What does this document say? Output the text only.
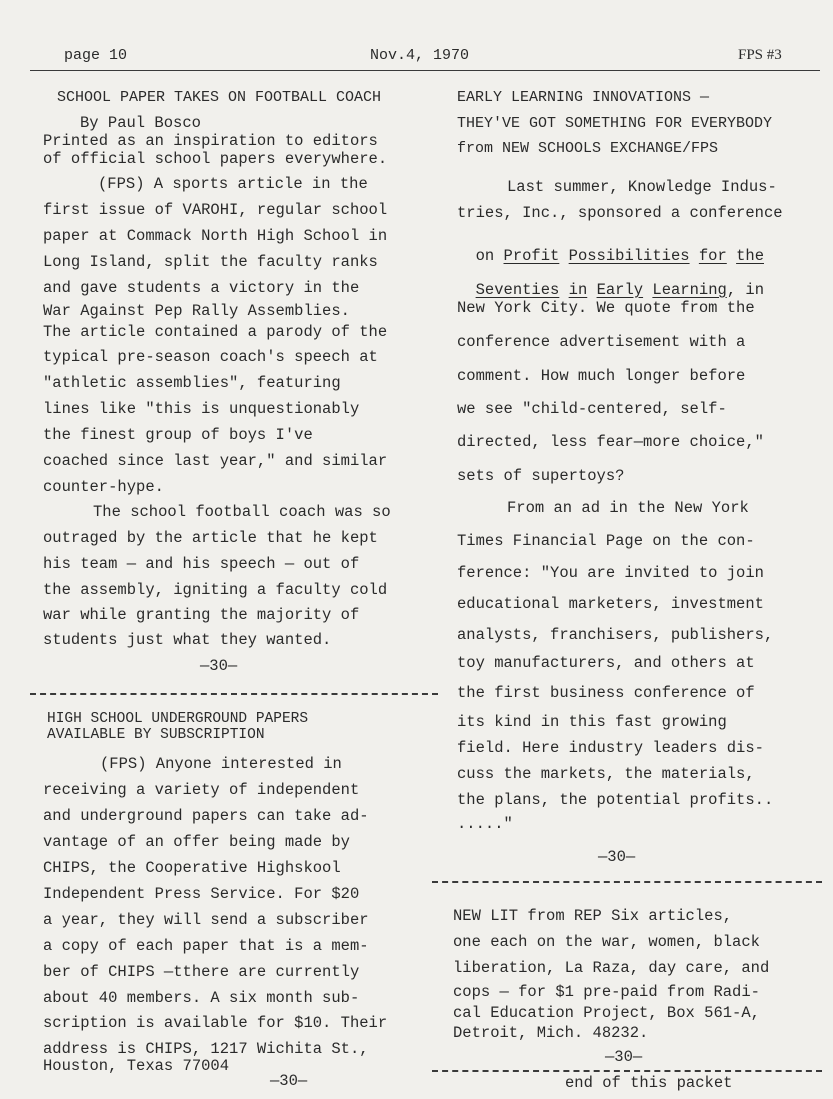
page 10	Nov.4, 1970	FPS #3
SCHOOL PAPER TAKES ON FOOTBALL COACH
By Paul Bosco
Printed as an inspiration to editors
of official school papers everywhere.
(FPS) A sports article in the
first issue of VAROHI, regular school
paper at Commack North High School in
Long Island, split the faculty ranks
and gave students a victory in the
War Against Pep Rally Assemblies.
The article contained a parody of the
typical pre-season coach's speech at
"athletic assemblies", featuring
lines like "this is unquestionably
the finest group of boys I've
coached since last year," and similar
counter-hype.
The school football coach was so
outraged by the article that he kept
his team — and his speech — out of
the assembly, igniting a faculty cold
war while granting the majority of
students just what they wanted.
—30—
HIGH SCHOOL UNDERGROUND PAPERS
AVAILABLE BY SUBSCRIPTION
(FPS) Anyone interested in
receiving a variety of independent
and underground papers can take ad-
vantage of an offer being made by
CHIPS, the Cooperative Highskool
Independent Press Service. For $20
a year, they will send a subscriber
a copy of each paper that is a mem-
ber of CHIPS —tthere are currently
about 40 members. A six month sub-
scription is available for $10. Their
address is CHIPS, 1217 Wichita St.,
Houston, Texas 77004
—30—
EARLY LEARNING INNOVATIONS —
THEY'VE GOT SOMETHING FOR EVERYBODY
from NEW SCHOOLS EXCHANGE/FPS
Last summer, Knowledge Indus-
tries, Inc., sponsored a conference

on Profit Possibilities for the

Seventies in Early Learning, in

New York City. We quote from the
conference advertisement with a
comment. How much longer before
we see "child-centered, self-
directed, less fear—more choice,"
sets of supertoys?
From an ad in the New York
Times Financial Page on the con-
ference: "You are invited to join
educational marketers, investment
analysts, franchisers, publishers,
toy manufacturers, and others at
the first business conference of
its kind in this fast growing
field. Here industry leaders dis-
cuss the markets, the materials,
the plans, the potential profits..
....."
—30—
NEW LIT from REP Six articles,
one each on the war, women, black
liberation, La Raza, day care, and
cops — for $1 pre-paid from Radi-
cal Education Project, Box 561-A,
Detroit, Mich. 48232.
—30—
end of this packet
